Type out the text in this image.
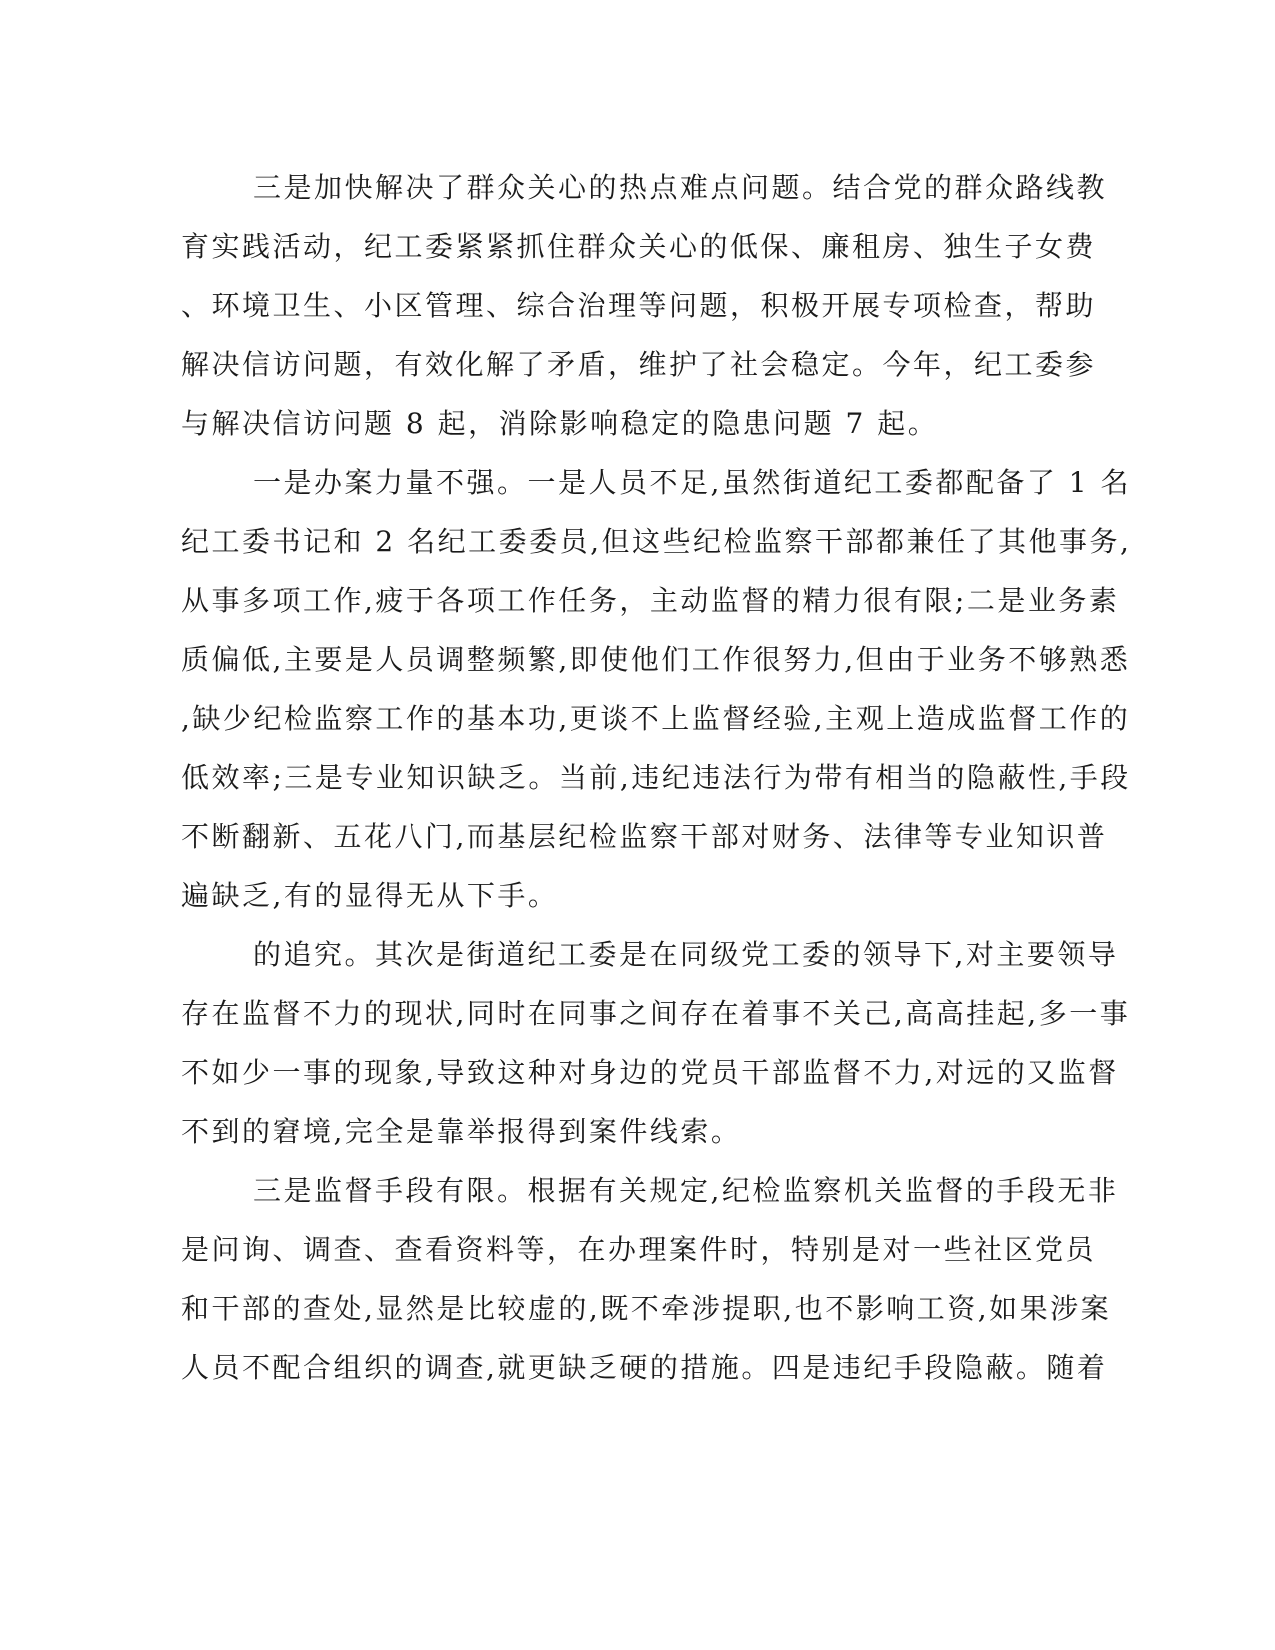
三是加快解决了群众关心的热点难点问题。结合党的群众路线教
育实践活动，纪工委紧紧抓住群众关心的低保、廉租房、独生子女费
、环境卫生、小区管理、综合治理等问题，积极开展专项检查，帮助
解决信访问题，有效化解了矛盾，维护了社会稳定。今年，纪工委参
与解决信访问题 8 起，消除影响稳定的隐患问题 7 起。

一是办案力量不强。一是人员不足,虽然街道纪工委都配备了 1 名
纪工委书记和 2 名纪工委委员,但这些纪检监察干部都兼任了其他事务,
从事多项工作,疲于各项工作任务，主动监督的精力很有限;二是业务素
质偏低,主要是人员调整频繁,即使他们工作很努力,但由于业务不够熟悉
,缺少纪检监察工作的基本功,更谈不上监督经验,主观上造成监督工作的
低效率;三是专业知识缺乏。当前,违纪违法行为带有相当的隐蔽性,手段
不断翻新、五花八门,而基层纪检监察干部对财务、法律等专业知识普
遍缺乏,有的显得无从下手。

的追究。其次是街道纪工委是在同级党工委的领导下,对主要领导
存在监督不力的现状,同时在同事之间存在着事不关己,高高挂起,多一事
不如少一事的现象,导致这种对身边的党员干部监督不力,对远的又监督
不到的窘境,完全是靠举报得到案件线索。

三是监督手段有限。根据有关规定,纪检监察机关监督的手段无非
是问询、调查、查看资料等，在办理案件时，特别是对一些社区党员
和干部的查处,显然是比较虚的,既不牵涉提职,也不影响工资,如果涉案
人员不配合组织的调查,就更缺乏硬的措施。四是违纪手段隐蔽。随着
